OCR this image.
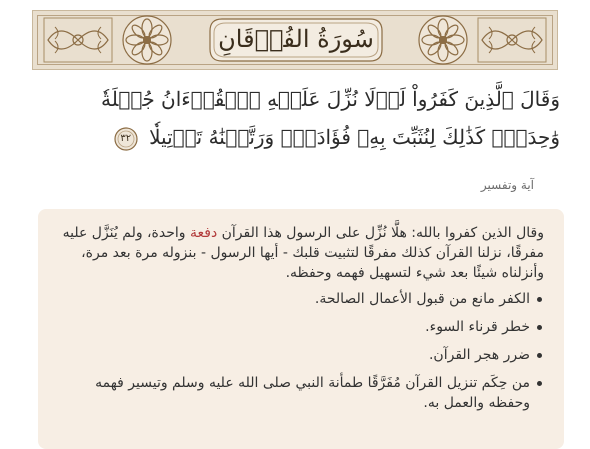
سُورَةُ الفُرۡقَانِ
وَقَالَ ٱلَّذِينَ كَفَرُواْ لَوۡلَا نُزِّلَ عَلَيۡهِ ٱلۡقُرۡءَانُ جُمۡلَةٗ وَٰحِدَةٗۚ كَذَٰلِكَ لِنُثَبِّتَ بِهِۦ فُؤَادَكَۖ وَرَتَّلۡنَٰهُ تَرۡتِيلٗا
٣٢
آية وتفسير

وقال الذين كفروا بالله: هلَّا نُزِّل على الرسول هذا القرآن دفعة واحدة، ولم يُنَزَّل عليه مفرقًا، نزلنا القرآن كذلك مفرقًا لتثبيت قلبك - أيها الرسول - بنزوله مرة بعد مرة، وأنزلناه شيئًا بعد شيء لتسهيل فهمه وحفظه.

الكفر مانع من قبول الأعمال الصالحة.
خطر قرناء السوء.
ضرر هجر القرآن.
من حِكَم تنزيل القرآن مُفَرَّقًا طمأنة النبي صلى الله عليه وسلم وتيسير فهمه وحفظه والعمل به.
